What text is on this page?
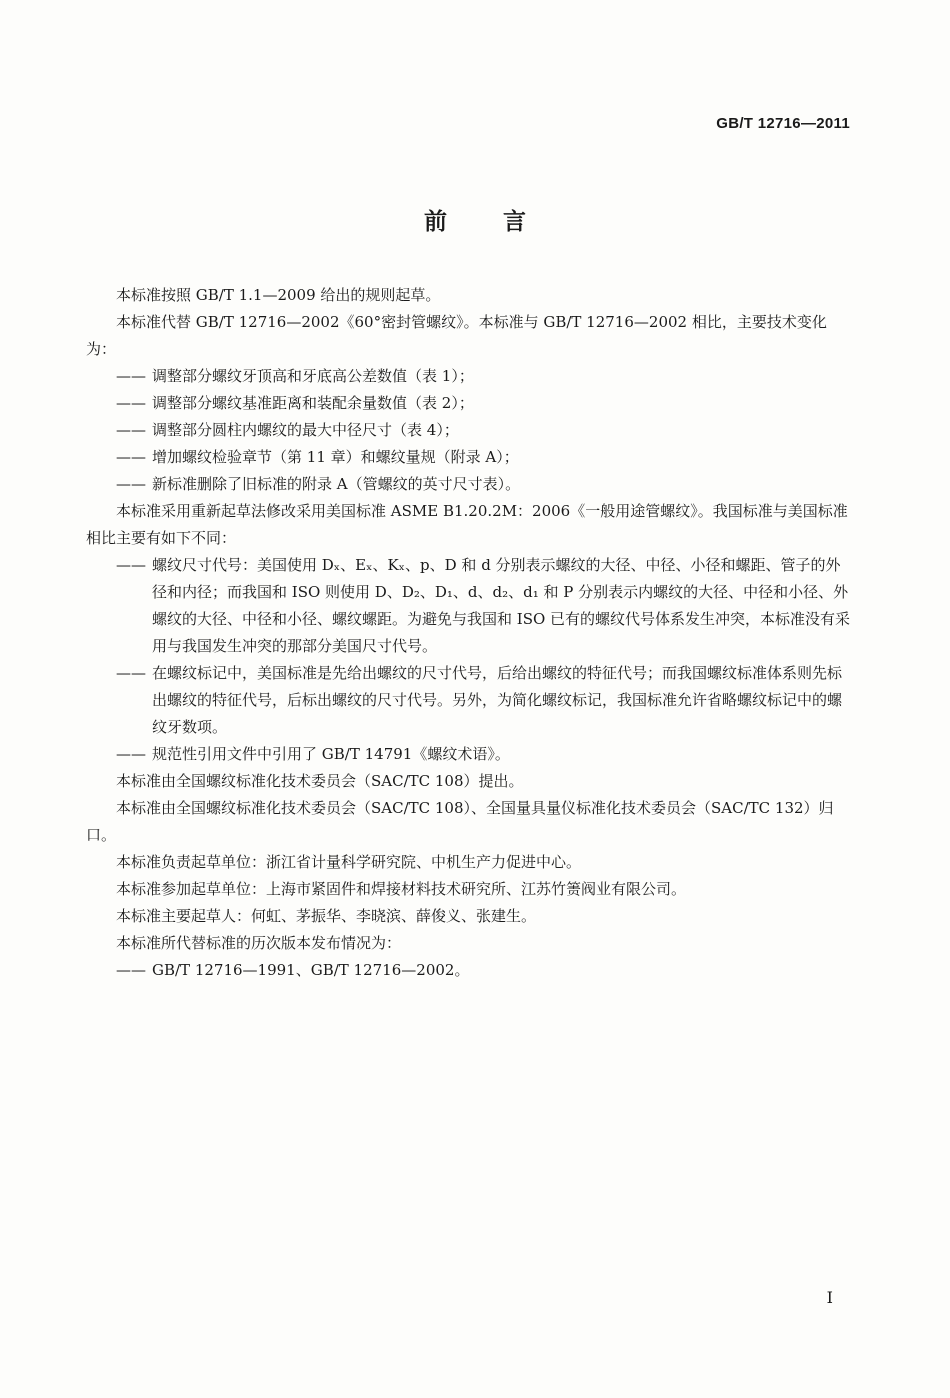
GB/T 12716—2011
前言

本标准按照 GB/T 1.1—2009 给出的规则起草。

本标准代替 GB/T 12716—2002《60°密封管螺纹》。本标准与 GB/T 12716—2002 相比，主要技术变化为：

—— 调整部分螺纹牙顶高和牙底高公差数值（表 1）；
—— 调整部分螺纹基准距离和装配余量数值（表 2）；
—— 调整部分圆柱内螺纹的最大中径尺寸（表 4）；
—— 增加螺纹检验章节（第 11 章）和螺纹量规（附录 A）；
—— 新标准删除了旧标准的附录 A（管螺纹的英寸尺寸表）。

本标准采用重新起草法修改采用美国标准 ASME B1.20.2M：2006《一般用途管螺纹》。我国标准与美国标准相比主要有如下不同：

—— 螺纹尺寸代号：美国使用 Dₓ、Eₓ、Kₓ、p、D 和 d 分别表示螺纹的大径、中径、小径和螺距、管子的外径和内径；而我国和 ISO 则使用 D、D₂、D₁、d、d₂、d₁ 和 P 分别表示内螺纹的大径、中径和小径、外螺纹的大径、中径和小径、螺纹螺距。为避免与我国和 ISO 已有的螺纹代号体系发生冲突，本标准没有采用与我国发生冲突的那部分美国尺寸代号。
—— 在螺纹标记中，美国标准是先给出螺纹的尺寸代号，后给出螺纹的特征代号；而我国螺纹标准体系则先标出螺纹的特征代号，后标出螺纹的尺寸代号。另外，为简化螺纹标记，我国标准允许省略螺纹标记中的螺纹牙数项。
—— 规范性引用文件中引用了 GB/T 14791《螺纹术语》。

本标准由全国螺纹标准化技术委员会（SAC/TC 108）提出。

本标准由全国螺纹标准化技术委员会（SAC/TC 108）、全国量具量仪标准化技术委员会（SAC/TC 132）归口。

本标准负责起草单位：浙江省计量科学研究院、中机生产力促进中心。

本标准参加起草单位：上海市紧固件和焊接材料技术研究所、江苏竹箦阀业有限公司。

本标准主要起草人：何虹、茅振华、李晓滨、薛俊义、张建生。

本标准所代替标准的历次版本发布情况为：

—— GB/T 12716—1991、GB/T 12716—2002。
I
